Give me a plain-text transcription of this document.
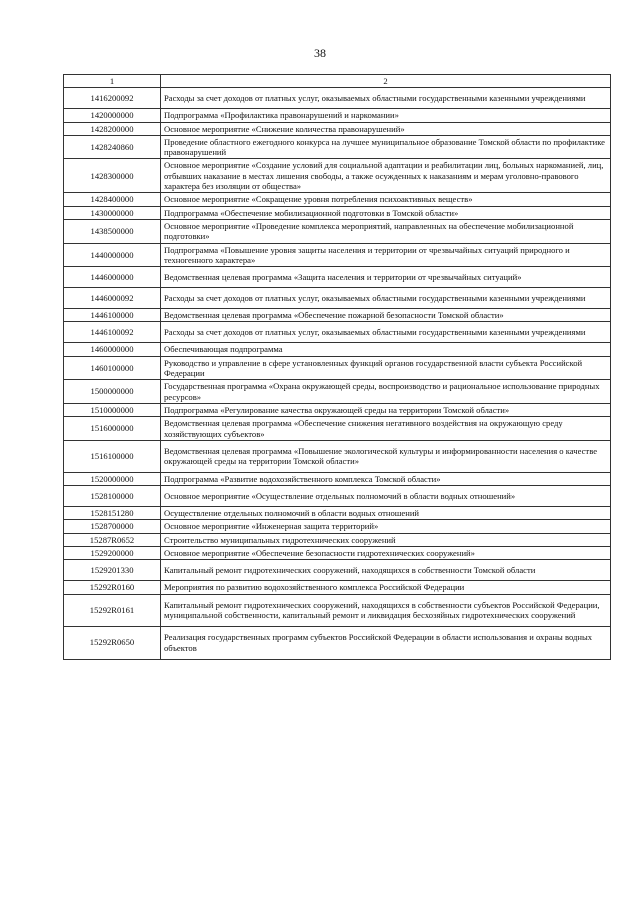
38
1	2
1416200092	Расходы за счет доходов от платных услуг, оказываемых областными государственными казенными учреждениями
1420000000	Подпрограмма «Профилактика правонарушений и наркомании»
1428200000	Основное мероприятие «Снижение количества правонарушений»
1428240860	Проведение областного ежегодного конкурса на лучшее муниципальное образование Томской области по профилактике правонарушений
1428300000	Основное мероприятие «Создание условий для социальной адаптации и реабилитации лиц, больных наркоманией, лиц, отбывших наказание в местах лишения свободы, а также осужденных к наказаниям и мерам уголовно-правового характера без изоляции от общества»
1428400000	Основное мероприятие «Сокращение уровня потребления психоактивных веществ»
1430000000	Подпрограмма «Обеспечение мобилизационной подготовки в Томской области»
1438500000	Основное мероприятие «Проведение комплекса мероприятий, направленных на обеспечение мобилизационной подготовки»
1440000000	Подпрограмма «Повышение уровня защиты населения и территории от чрезвычайных ситуаций природного и техногенного характера»
1446000000	Ведомственная целевая программа «Защита населения и территории от чрезвычайных ситуаций»
1446000092	Расходы за счет доходов от платных услуг, оказываемых областными государственными казенными учреждениями
1446100000	Ведомственная целевая программа «Обеспечение пожарной безопасности Томской области»
1446100092	Расходы за счет доходов от платных услуг, оказываемых областными государственными казенными учреждениями
1460000000	Обеспечивающая подпрограмма
1460100000	Руководство и управление в сфере установленных функций органов государственной власти субъекта Российской Федерации
1500000000	Государственная программа «Охрана окружающей среды, воспроизводство и рациональное использование природных ресурсов»
1510000000	Подпрограмма «Регулирование качества окружающей среды на территории Томской области»
1516000000	Ведомственная целевая программа «Обеспечение снижения негативного воздействия на окружающую среду хозяйствующих субъектов»
1516100000	Ведомственная целевая программа «Повышение экологической культуры и информированности населения о качестве окружающей среды на территории Томской области»
1520000000	Подпрограмма «Развитие водохозяйственного комплекса Томской области»
1528100000	Основное мероприятие «Осуществление отдельных полномочий в области водных отношений»
1528151280	Осуществление отдельных полномочий в области водных отношений
1528700000	Основное мероприятие «Инженерная защита территорий»
15287R0652	Строительство муниципальных гидротехнических сооружений
1529200000	Основное мероприятие «Обеспечение безопасности гидротехнических сооружений»
1529201330	Капитальный ремонт гидротехнических сооружений, находящихся в собственности Томской области
15292R0160	Мероприятия по развитию водохозяйственного комплекса Российской Федерации
15292R0161	Капитальный ремонт гидротехнических сооружений, находящихся в собственности субъектов Российской Федерации, муниципальной собственности, капитальный ремонт и ликвидация бесхозяйных гидротехнических сооружений
15292R0650	Реализация государственных программ субъектов Российской Федерации в области использования и охраны водных объектов
